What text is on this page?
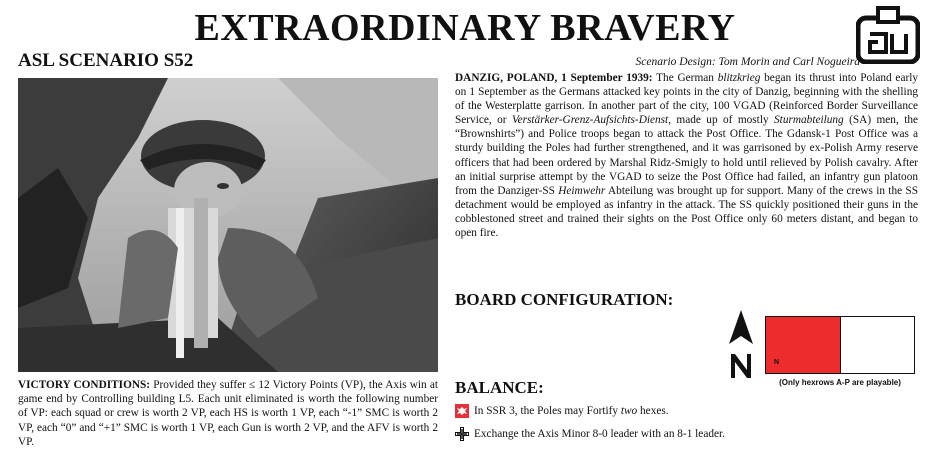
EXTRAORDINARY BRAVERY
ASL SCENARIO S52	Scenario Design: Tom Morin and Carl Nogueira
DANZIG, POLAND, 1 September 1939: The German blitzkrieg began its thrust into Poland early on 1 September as the Germans attacked key points in the city of Danzig, beginning with the shelling of the Westerplatte garrison. In another part of the city, 100 VGAD (Reinforced Border Surveillance Service, or Verstärker-Grenz-Aufsichts-Dienst, made up of mostly Sturmabteilung (SA) men, the “Brownshirts”) and Police troops began to attack the Post Office. The Gdansk-1 Post Office was a sturdy building the Poles had further strengthened, and it was garrisoned by ex-Polish Army reserve officers that had been ordered by Marshal Ridz-Smigly to hold until relieved by Polish cavalry. After an initial surprise attempt by the VGAD to seize the Post Office had failed, an infantry gun platoon from the Danziger-SS Heimwehr Abteilung was brought up for support. Many of the crews in the SS detachment would be employed as infantry in the attack. The SS quickly positioned their guns in the cobblestoned street and trained their sights on the Post Office only 60 meters distant, and began to open fire.
BOARD CONFIGURATION:
N
(Only hexrows A-P are playable)
BALANCE:
In SSR 3, the Poles may Fortify two hexes.
Exchange the Axis Minor 8-0 leader with an 8-1 leader.
VICTORY CONDITIONS: Provided they suffer ≤ 12 Victory Points (VP), the Axis win at game end by Controlling building L5. Each unit eliminated is worth the following number of VP: each squad or crew is worth 2 VP, each HS is worth 1 VP, each “-1” SMC is worth 2 VP, each “0” and “+1” SMC is worth 1 VP, each Gun is worth 2 VP, and the AFV is worth 2 VP.
